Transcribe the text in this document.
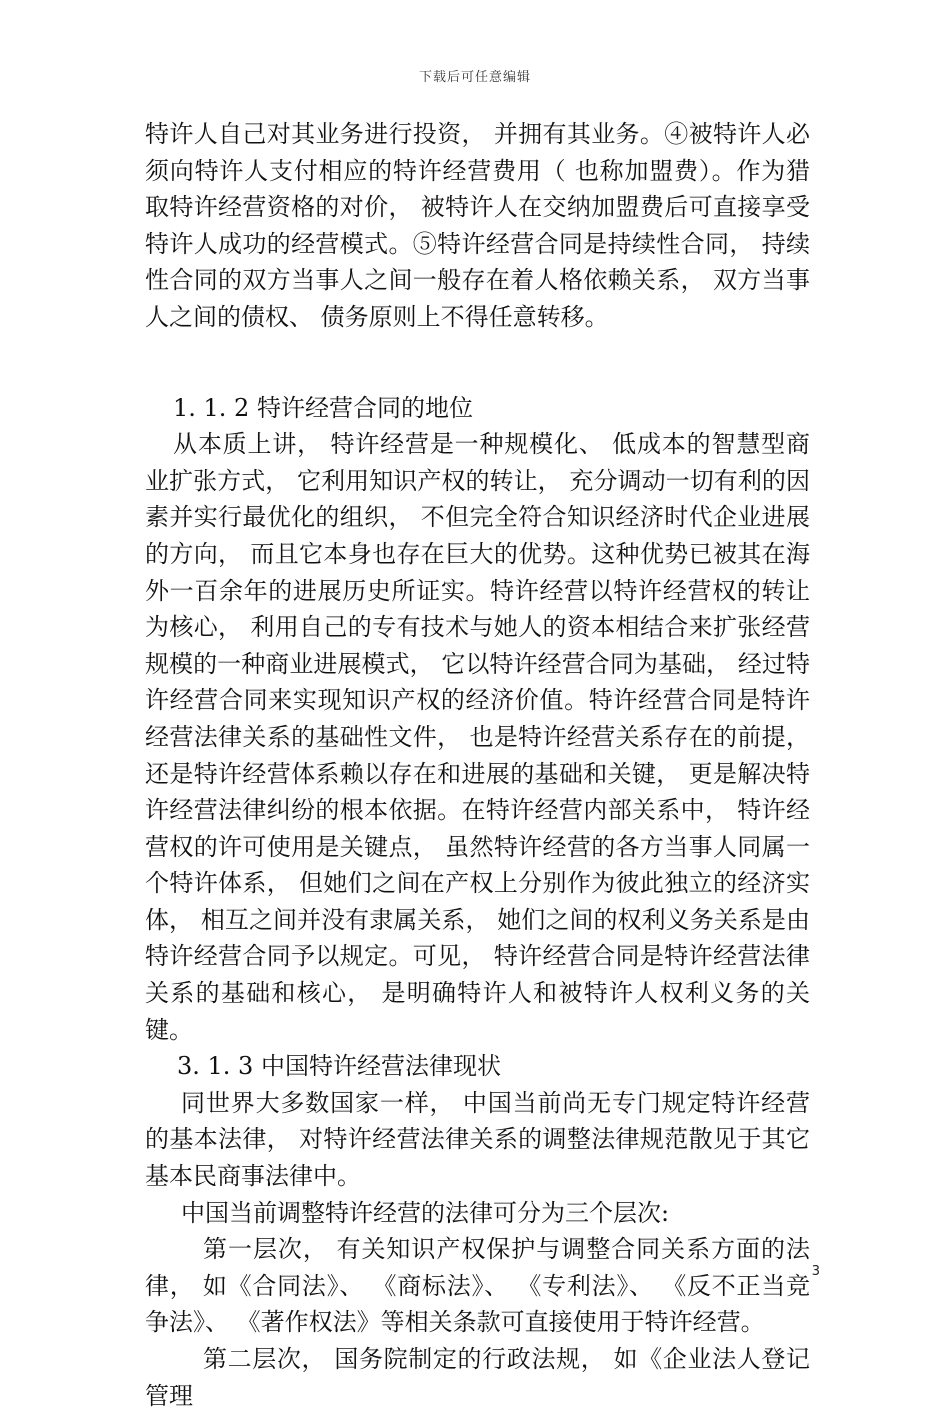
下载后可任意编辑

特许人自己对其业务进行投资， 并拥有其业务。④被特许人必须向特许人支付相应的特许经营费用（ 也称加盟费）。作为猎取特许经营资格的对价， 被特许人在交纳加盟费后可直接享受特许人成功的经营模式。⑤特许经营合同是持续性合同， 持续性合同的双方当事人之间一般存在着人格依赖关系， 双方当事人之间的债权、 债务原则上不得任意转移。

1. 1. 2 特许经营合同的地位

从本质上讲， 特许经营是一种规模化、 低成本的智慧型商业扩张方式， 它利用知识产权的转让， 充分调动一切有利的因素并实行最优化的组织， 不但完全符合知识经济时代企业进展的方向， 而且它本身也存在巨大的优势。这种优势已被其在海外一百余年的进展历史所证实。特许经营以特许经营权的转让为核心， 利用自己的专有技术与她人的资本相结合来扩张经营规模的一种商业进展模式， 它以特许经营合同为基础， 经过特许经营合同来实现知识产权的经济价值。特许经营合同是特许经营法律关系的基础性文件， 也是特许经营关系存在的前提， 还是特许经营体系赖以存在和进展的基础和关键， 更是解决特许经营法律纠纷的根本依据。在特许经营内部关系中， 特许经营权的许可使用是关键点， 虽然特许经营的各方当事人同属一个特许体系， 但她们之间在产权上分别作为彼此独立的经济实体， 相互之间并没有隶属关系， 她们之间的权利义务关系是由特许经营合同予以规定。可见， 特许经营合同是特许经营法律关系的基础和核心， 是明确特许人和被特许人权利义务的关键。

3. 1. 3 中国特许经营法律现状

同世界大多数国家一样， 中国当前尚无专门规定特许经营的基本法律， 对特许经营法律关系的调整法律规范散见于其它基本民商事法律中。

中国当前调整特许经营的法律可分为三个层次:

第一层次， 有关知识产权保护与调整合同关系方面的法律， 如《合同法》、 《商标法》、 《专利法》、 《反不正当竞争法》、 《著作权法》等相关条款可直接使用于特许经营。

第二层次， 国务院制定的行政法规， 如《企业法人登记管理

3
